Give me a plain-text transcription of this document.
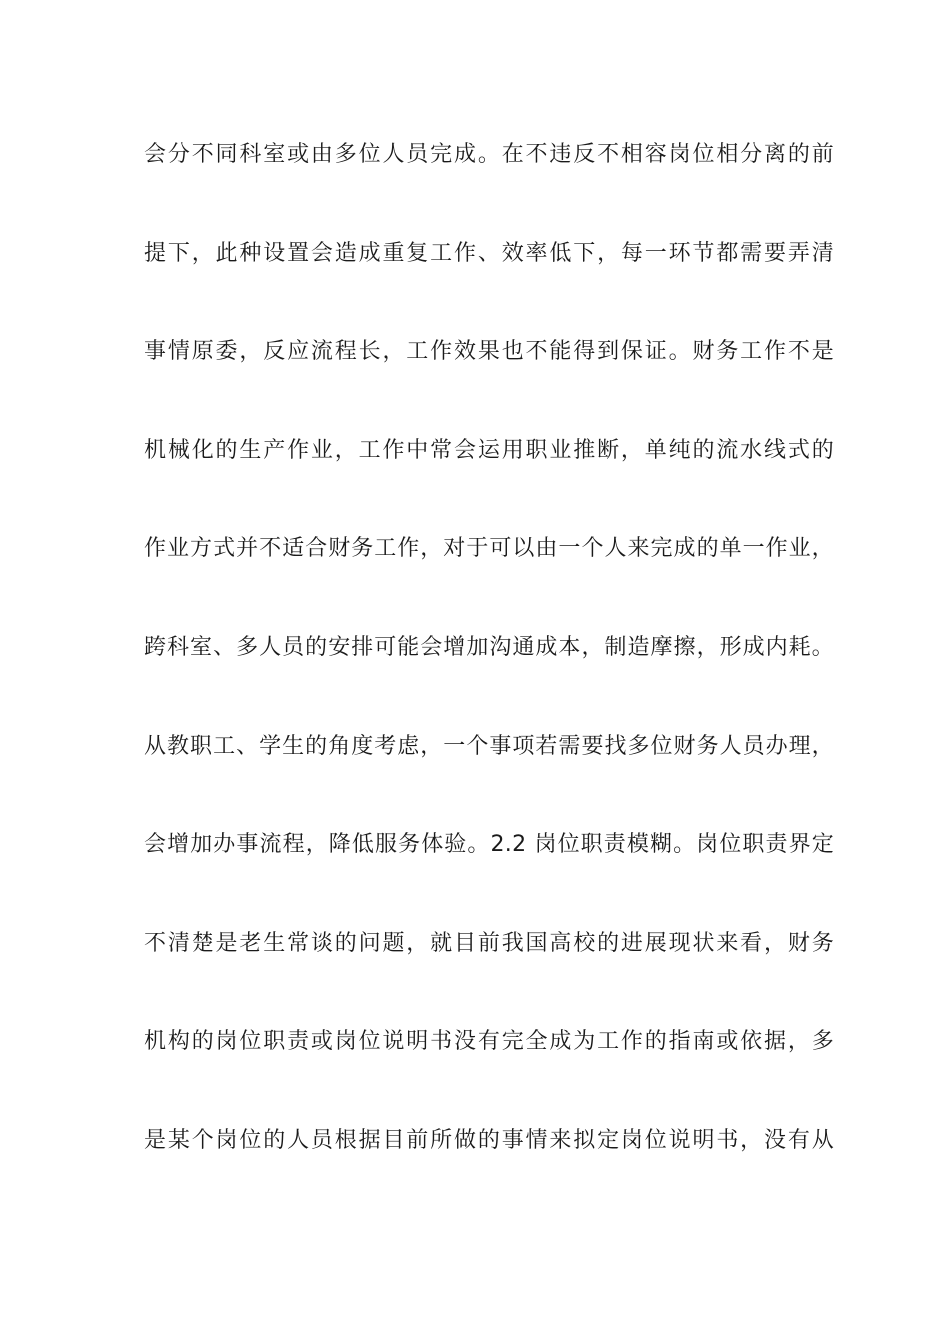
会分不同科室或由多位人员完成。在不违反不相容岗位相分离的前
提下，此种设置会造成重复工作、效率低下，每一环节都需要弄清
事情原委，反应流程长，工作效果也不能得到保证。财务工作不是
机械化的生产作业，工作中常会运用职业推断，单纯的流水线式的
作业方式并不适合财务工作，对于可以由一个人来完成的单一作业，
跨科室、多人员的安排可能会增加沟通成本，制造摩擦，形成内耗。
从教职工、学生的角度考虑，一个事项若需要找多位财务人员办理，
会增加办事流程，降低服务体验。2.2 岗位职责模糊。岗位职责界定
不清楚是老生常谈的问题，就目前我国高校的进展现状来看，财务
机构的岗位职责或岗位说明书没有完全成为工作的指南或依据，多
是某个岗位的人员根据目前所做的事情来拟定岗位说明书，没有从
